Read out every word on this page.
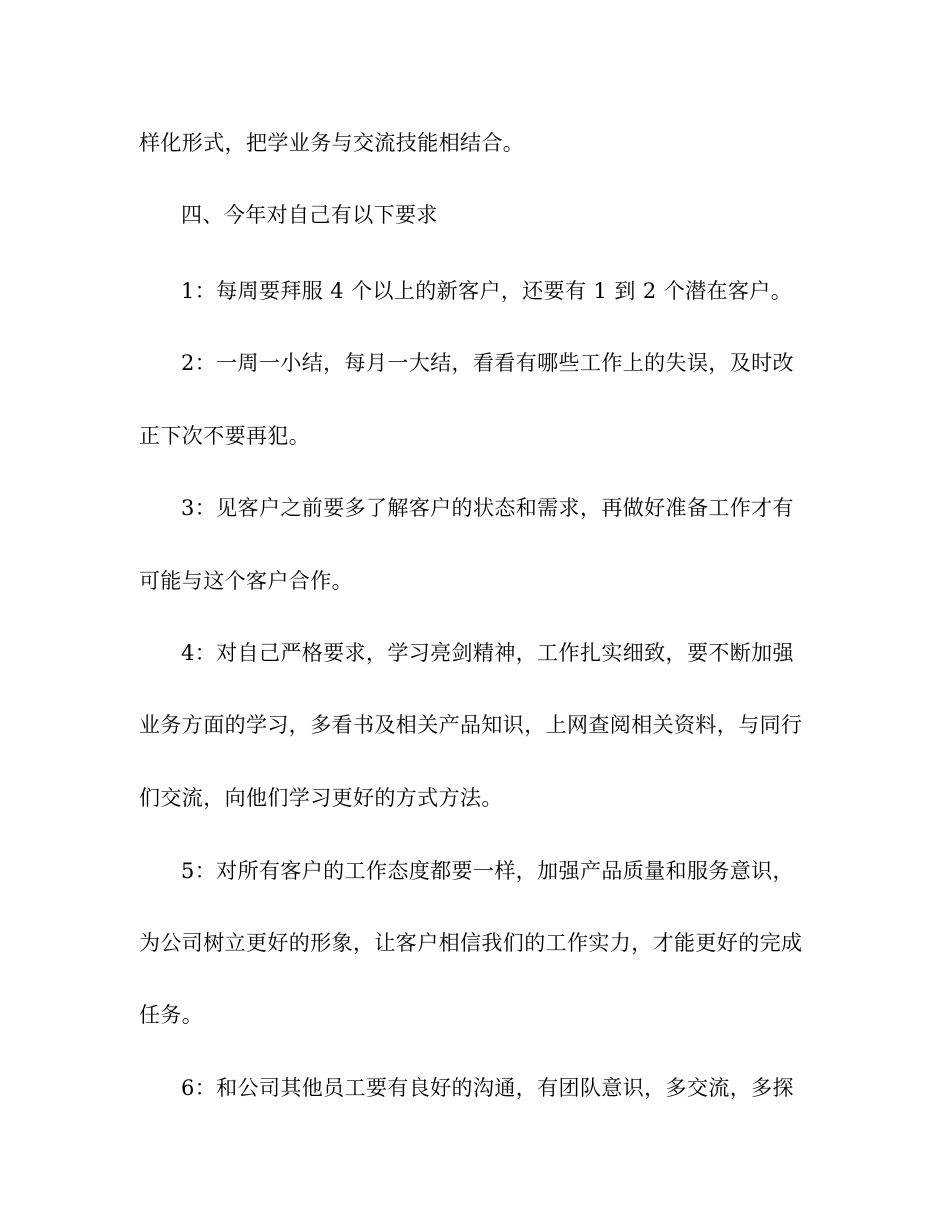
样化形式，把学业务与交流技能相结合。
四、今年对自己有以下要求
1：每周要拜服 4 个以上的新客户，还要有 1 到 2 个潜在客户。
2：一周一小结，每月一大结，看看有哪些工作上的失误，及时改
正下次不要再犯。
3：见客户之前要多了解客户的状态和需求，再做好准备工作才有
可能与这个客户合作。
4：对自己严格要求，学习亮剑精神，工作扎实细致，要不断加强
业务方面的学习，多看书及相关产品知识，上网查阅相关资料，与同行
们交流，向他们学习更好的方式方法。
5：对所有客户的工作态度都要一样，加强产品质量和服务意识，
为公司树立更好的形象，让客户相信我们的工作实力，才能更好的完成
任务。
6：和公司其他员工要有良好的沟通，有团队意识，多交流，多探
